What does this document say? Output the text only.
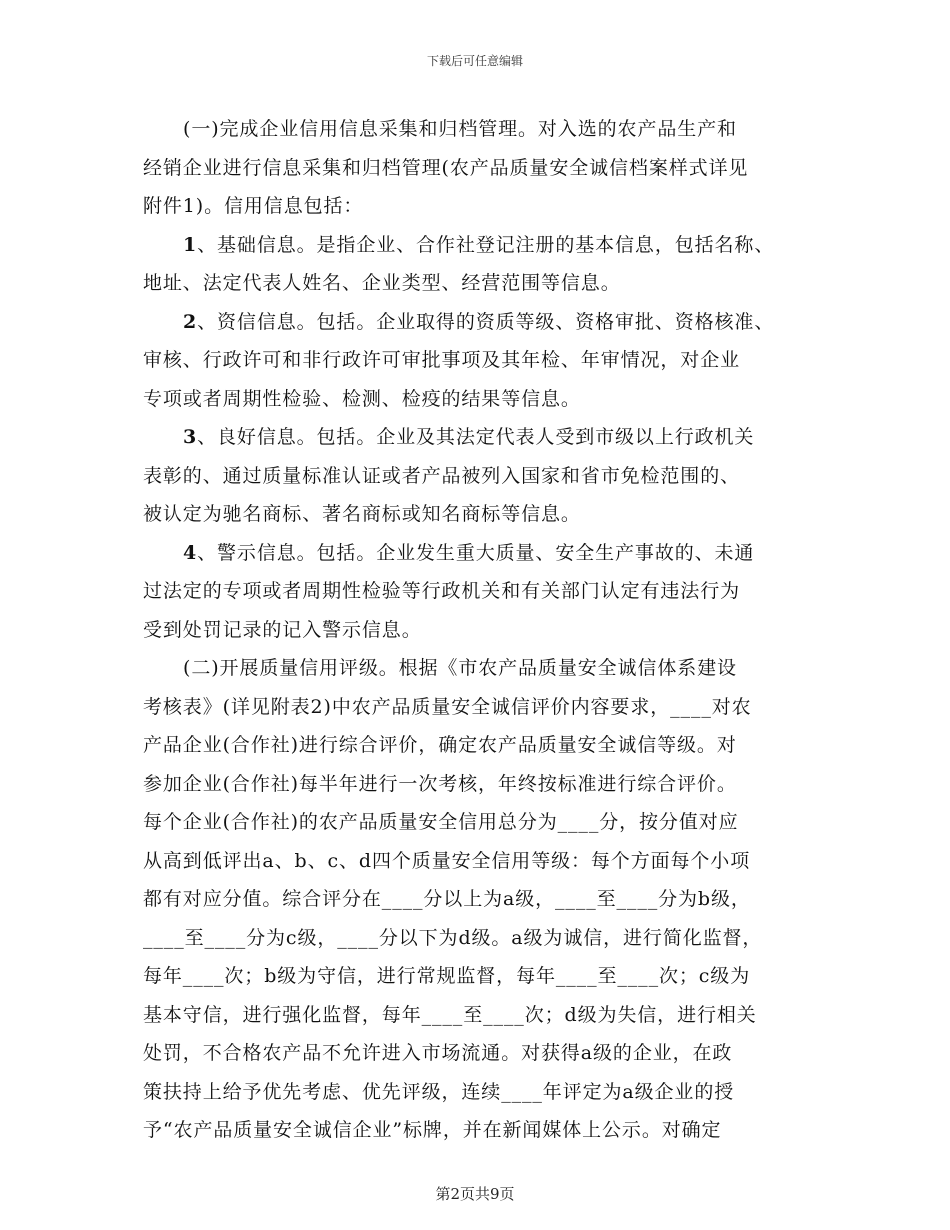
下载后可任意编辑
(一)完成企业信用信息采集和归档管理。对入选的农产品生产和
经销企业进行信息采集和归档管理(农产品质量安全诚信档案样式详见
附件1)。信用信息包括：
1、基础信息。是指企业、合作社登记注册的基本信息，包括名称、
地址、法定代表人姓名、企业类型、经营范围等信息。
2、资信信息。包括。企业取得的资质等级、资格审批、资格核准、
审核、行政许可和非行政许可审批事项及其年检、年审情况，对企业
专项或者周期性检验、检测、检疫的结果等信息。
3、良好信息。包括。企业及其法定代表人受到市级以上行政机关
表彰的、通过质量标准认证或者产品被列入国家和省市免检范围的、
被认定为驰名商标、著名商标或知名商标等信息。
4、警示信息。包括。企业发生重大质量、安全生产事故的、未通
过法定的专项或者周期性检验等行政机关和有关部门认定有违法行为
受到处罚记录的记入警示信息。
(二)开展质量信用评级。根据《市农产品质量安全诚信体系建设
考核表》(详见附表2)中农产品质量安全诚信评价内容要求，____对农
产品企业(合作社)进行综合评价，确定农产品质量安全诚信等级。对
参加企业(合作社)每半年进行一次考核，年终按标准进行综合评价。
每个企业(合作社)的农产品质量安全信用总分为____分，按分值对应
从高到低评出a、b、c、d四个质量安全信用等级：每个方面每个小项
都有对应分值。综合评分在____分以上为a级，____至____分为b级，
____至____分为c级，____分以下为d级。a级为诚信，进行简化监督，
每年____次；b级为守信，进行常规监督，每年____至____次；c级为
基本守信，进行强化监督，每年____至____次；d级为失信，进行相关
处罚，不合格农产品不允许进入市场流通。对获得a级的企业，在政
策扶持上给予优先考虑、优先评级，连续____年评定为a级企业的授
予“农产品质量安全诚信企业”标牌，并在新闻媒体上公示。对确定
第2页共9页
